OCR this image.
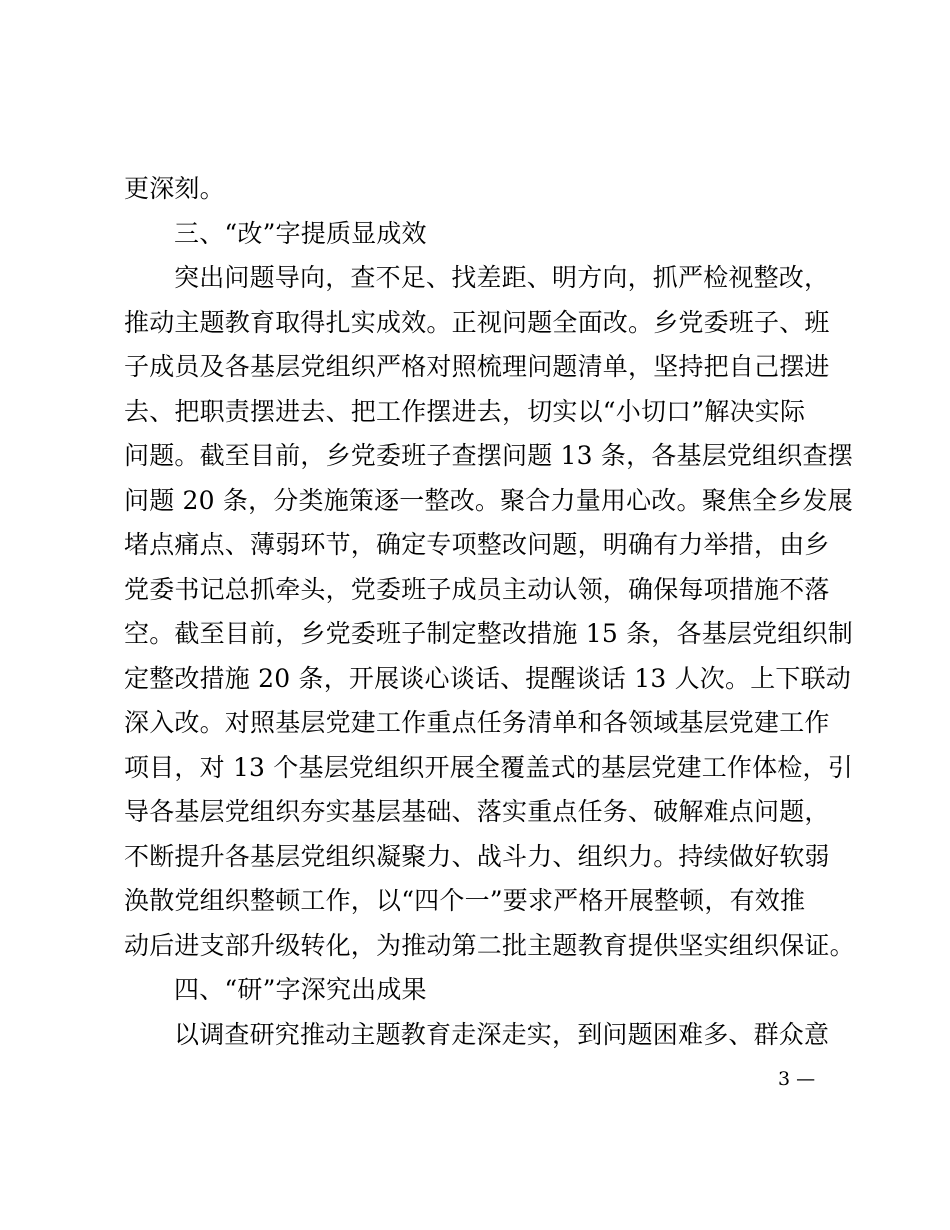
更深刻。
三、“改”字提质显成效
突出问题导向，查不足、找差距、明方向，抓严检视整改，
推动主题教育取得扎实成效。正视问题全面改。乡党委班子、班
子成员及各基层党组织严格对照梳理问题清单，坚持把自己摆进
去、把职责摆进去、把工作摆进去，切实以“小切口”解决实际
问题。截至目前，乡党委班子查摆问题 13 条，各基层党组织查摆
问题 20 条，分类施策逐一整改。聚合力量用心改。聚焦全乡发展
堵点痛点、薄弱环节，确定专项整改问题，明确有力举措，由乡
党委书记总抓牵头，党委班子成员主动认领，确保每项措施不落
空。截至目前，乡党委班子制定整改措施 15 条，各基层党组织制
定整改措施 20 条，开展谈心谈话、提醒谈话 13 人次。上下联动
深入改。对照基层党建工作重点任务清单和各领域基层党建工作
项目，对 13 个基层党组织开展全覆盖式的基层党建工作体检，引
导各基层党组织夯实基层基础、落实重点任务、破解难点问题，
不断提升各基层党组织凝聚力、战斗力、组织力。持续做好软弱
涣散党组织整顿工作，以“四个一”要求严格开展整顿，有效推
动后进支部升级转化，为推动第二批主题教育提供坚实组织保证。
四、“研”字深究出成果
以调查研究推动主题教育走深走实，到问题困难多、群众意
3 —
